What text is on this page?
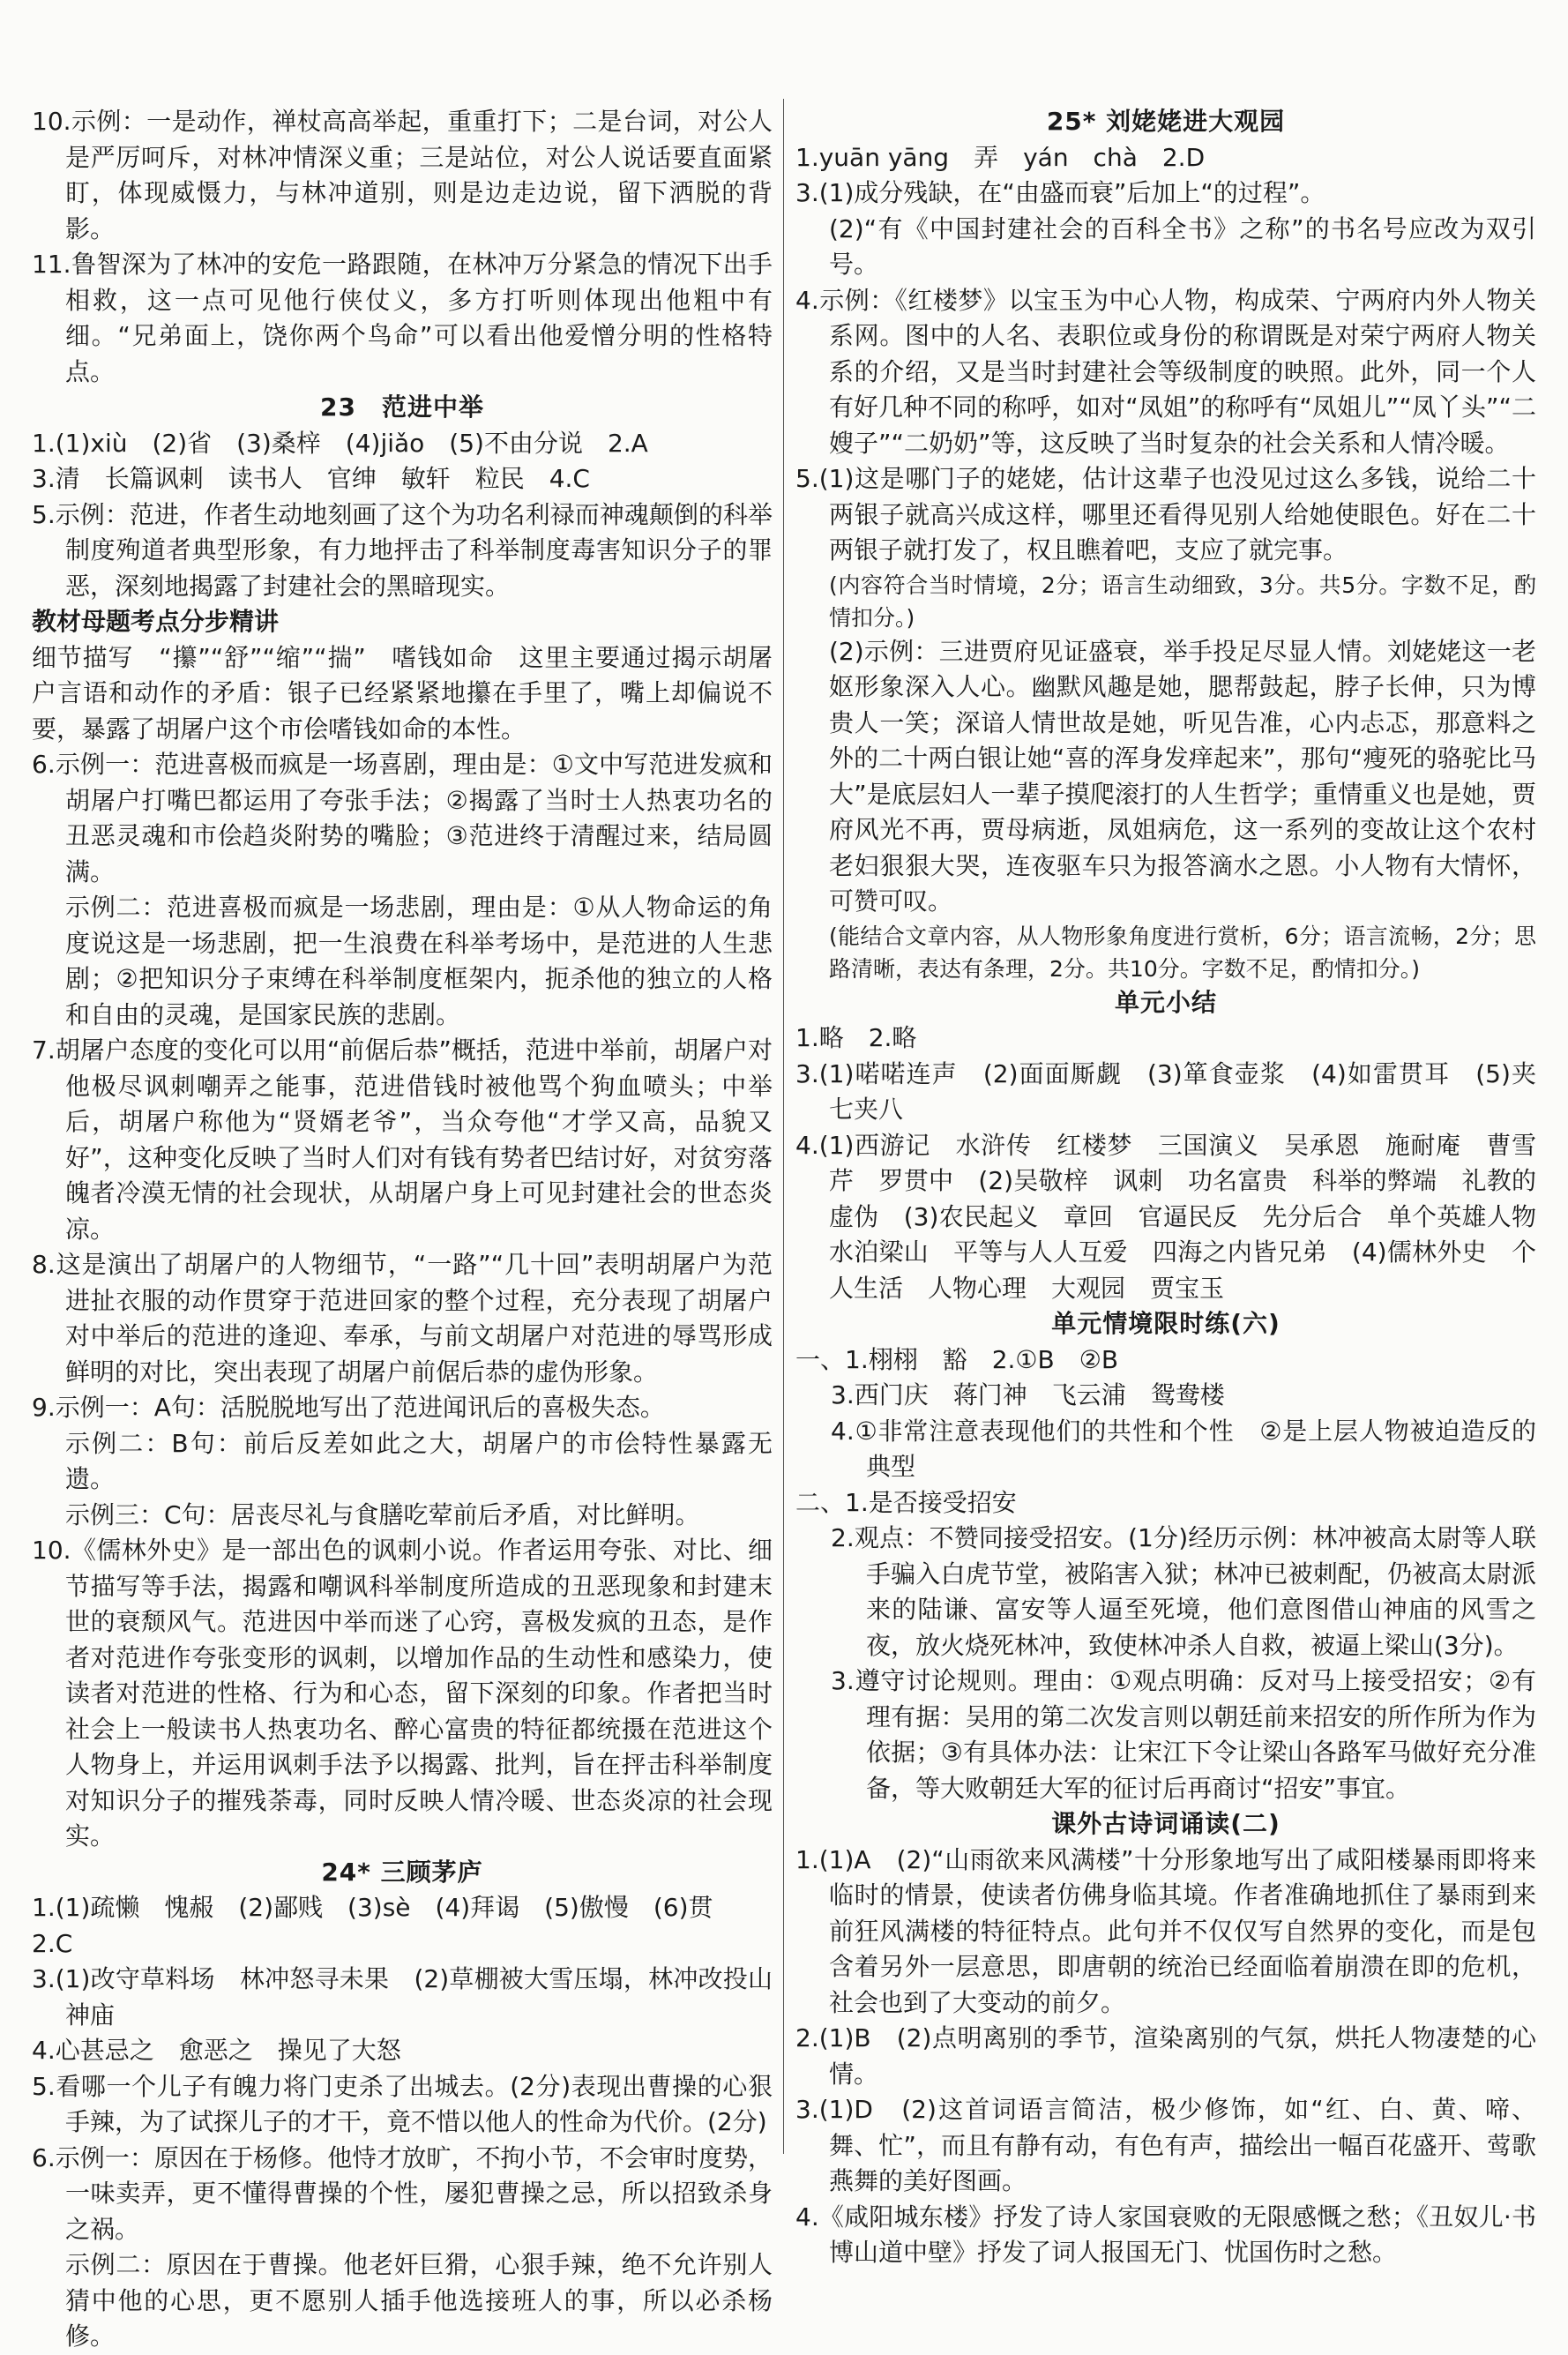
10.示例：一是动作，禅杖高高举起，重重打下；二是台词，对公人是严厉呵斥，对林冲情深义重；三是站位，对公人说话要直面紧盯，体现威慑力，与林冲道别，则是边走边说，留下洒脱的背影。

11.鲁智深为了林冲的安危一路跟随，在林冲万分紧急的情况下出手相救，这一点可见他行侠仗义，多方打听则体现出他粗中有细。“兄弟面上，饶你两个鸟命”可以看出他爱憎分明的性格特点。

23　范进中举

1.(1)xiù　(2)省　(3)桑梓　(4)jiǎo　(5)不由分说　2.A

3.清　长篇讽刺　读书人　官绅　敏轩　粒民　4.C

5.示例：范进，作者生动地刻画了这个为功名利禄而神魂颠倒的科举制度殉道者典型形象，有力地抨击了科举制度毒害知识分子的罪恶，深刻地揭露了封建社会的黑暗现实。

教材母题考点分步精讲

细节描写　“攥”“舒”“缩”“揣”　嗜钱如命　这里主要通过揭示胡屠户言语和动作的矛盾：银子已经紧紧地攥在手里了，嘴上却偏说不要，暴露了胡屠户这个市侩嗜钱如命的本性。

6.示例一：范进喜极而疯是一场喜剧，理由是：①文中写范进发疯和胡屠户打嘴巴都运用了夸张手法；②揭露了当时士人热衷功名的丑恶灵魂和市侩趋炎附势的嘴脸；③范进终于清醒过来，结局圆满。

示例二：范进喜极而疯是一场悲剧，理由是：①从人物命运的角度说这是一场悲剧，把一生浪费在科举考场中，是范进的人生悲剧；②把知识分子束缚在科举制度框架内，扼杀他的独立的人格和自由的灵魂，是国家民族的悲剧。

7.胡屠户态度的变化可以用“前倨后恭”概括，范进中举前，胡屠户对他极尽讽刺嘲弄之能事，范进借钱时被他骂个狗血喷头；中举后，胡屠户称他为“贤婿老爷”，当众夸他“才学又高，品貌又好”，这种变化反映了当时人们对有钱有势者巴结讨好，对贫穷落魄者冷漠无情的社会现状，从胡屠户身上可见封建社会的世态炎凉。

8.这是演出了胡屠户的人物细节，“一路”“几十回”表明胡屠户为范进扯衣服的动作贯穿于范进回家的整个过程，充分表现了胡屠户对中举后的范进的逢迎、奉承，与前文胡屠户对范进的辱骂形成鲜明的对比，突出表现了胡屠户前倨后恭的虚伪形象。

9.示例一：A句：活脱脱地写出了范进闻讯后的喜极失态。

示例二：B句：前后反差如此之大，胡屠户的市侩特性暴露无遗。

示例三：C句：居丧尽礼与食膳吃荤前后矛盾，对比鲜明。

10.《儒林外史》是一部出色的讽刺小说。作者运用夸张、对比、细节描写等手法，揭露和嘲讽科举制度所造成的丑恶现象和封建末世的衰颓风气。范进因中举而迷了心窍，喜极发疯的丑态，是作者对范进作夸张变形的讽刺，以增加作品的生动性和感染力，使读者对范进的性格、行为和心态，留下深刻的印象。作者把当时社会上一般读书人热衷功名、醉心富贵的特征都统摄在范进这个人物身上，并运用讽刺手法予以揭露、批判，旨在抨击科举制度对知识分子的摧残荼毒，同时反映人情冷暖、世态炎凉的社会现实。

24* 三顾茅庐

1.(1)疏懒　愧赧　(2)鄙贱　(3)sè　(4)拜谒　(5)傲慢　(6)贯

2.C

3.(1)改守草料场　林冲怒寻未果　(2)草棚被大雪压塌，林冲改投山神庙

4.心甚忌之　愈恶之　操见了大怒

5.看哪一个儿子有魄力将门吏杀了出城去。(2分)表现出曹操的心狠手辣，为了试探儿子的才干，竟不惜以他人的性命为代价。(2分)

6.示例一：原因在于杨修。他恃才放旷，不拘小节，不会审时度势，一味卖弄，更不懂得曹操的个性，屡犯曹操之忌，所以招致杀身之祸。

示例二：原因在于曹操。他老奸巨猾，心狠手辣，绝不允许别人猜中他的心思，更不愿别人插手他选接班人的事，所以必杀杨修。

25* 刘姥姥进大观园

1.yuān yāng　弄　yán　chà　2.D

3.(1)成分残缺，在“由盛而衰”后加上“的过程”。

(2)“有《中国封建社会的百科全书》之称”的书名号应改为双引号。

4.示例：《红楼梦》以宝玉为中心人物，构成荣、宁两府内外人物关系网。图中的人名、表职位或身份的称谓既是对荣宁两府人物关系的介绍，又是当时封建社会等级制度的映照。此外，同一个人有好几种不同的称呼，如对“凤姐”的称呼有“凤姐儿”“凤丫头”“二嫂子”“二奶奶”等，这反映了当时复杂的社会关系和人情冷暖。

5.(1)这是哪门子的姥姥，估计这辈子也没见过这么多钱，说给二十两银子就高兴成这样，哪里还看得见别人给她使眼色。好在二十两银子就打发了，权且瞧着吧，支应了就完事。

(内容符合当时情境，2分；语言生动细致，3分。共5分。字数不足，酌情扣分。)

(2)示例：三进贾府见证盛衰，举手投足尽显人情。刘姥姥这一老妪形象深入人心。幽默风趣是她，腮帮鼓起，脖子长伸，只为博贵人一笑；深谙人情世故是她，听见告准，心内忐忑，那意料之外的二十两白银让她“喜的浑身发痒起来”，那句“瘦死的骆驼比马大”是底层妇人一辈子摸爬滚打的人生哲学；重情重义也是她，贾府风光不再，贾母病逝，凤姐病危，这一系列的变故让这个农村老妇狠狠大哭，连夜驱车只为报答滴水之恩。小人物有大情怀，可赞可叹。

(能结合文章内容，从人物形象角度进行赏析，6分；语言流畅，2分；思路清晰，表达有条理，2分。共10分。字数不足，酌情扣分。)

单元小结

1.略　2.略

3.(1)喏喏连声　(2)面面厮觑　(3)箪食壶浆　(4)如雷贯耳　(5)夹七夹八

4.(1)西游记　水浒传　红楼梦　三国演义　吴承恩　施耐庵　曹雪芹　罗贯中　(2)吴敬梓　讽刺　功名富贵　科举的弊端　礼教的虚伪　(3)农民起义　章回　官逼民反　先分后合　单个英雄人物　水泊梁山　平等与人人互爱　四海之内皆兄弟　(4)儒林外史　个人生活　人物心理　大观园　贾宝玉

单元情境限时练(六)

一、1.栩栩　豁　2.①B　②B

3.西门庆　蒋门神　飞云浦　鸳鸯楼

4.①非常注意表现他们的共性和个性　②是上层人物被迫造反的典型

二、1.是否接受招安

2.观点：不赞同接受招安。(1分)经历示例：林冲被高太尉等人联手骗入白虎节堂，被陷害入狱；林冲已被刺配，仍被高太尉派来的陆谦、富安等人逼至死境，他们意图借山神庙的风雪之夜，放火烧死林冲，致使林冲杀人自救，被逼上梁山(3分)。

3.遵守讨论规则。理由：①观点明确：反对马上接受招安；②有理有据：吴用的第二次发言则以朝廷前来招安的所作所为作为依据；③有具体办法：让宋江下令让梁山各路军马做好充分准备，等大败朝廷大军的征讨后再商讨“招安”事宜。

课外古诗词诵读(二)

1.(1)A　(2)“山雨欲来风满楼”十分形象地写出了咸阳楼暴雨即将来临时的情景，使读者仿佛身临其境。作者准确地抓住了暴雨到来前狂风满楼的特征特点。此句并不仅仅写自然界的变化，而是包含着另外一层意思，即唐朝的统治已经面临着崩溃在即的危机，社会也到了大变动的前夕。

2.(1)B　(2)点明离别的季节，渲染离别的气氛，烘托人物凄楚的心情。

3.(1)D　(2)这首词语言简洁，极少修饰，如“红、白、黄、啼、舞、忙”，而且有静有动，有色有声，描绘出一幅百花盛开、莺歌燕舞的美好图画。

4.《咸阳城东楼》抒发了诗人家国衰败的无限感慨之愁；《丑奴儿·书博山道中壁》抒发了词人报国无门、忧国伤时之愁。
